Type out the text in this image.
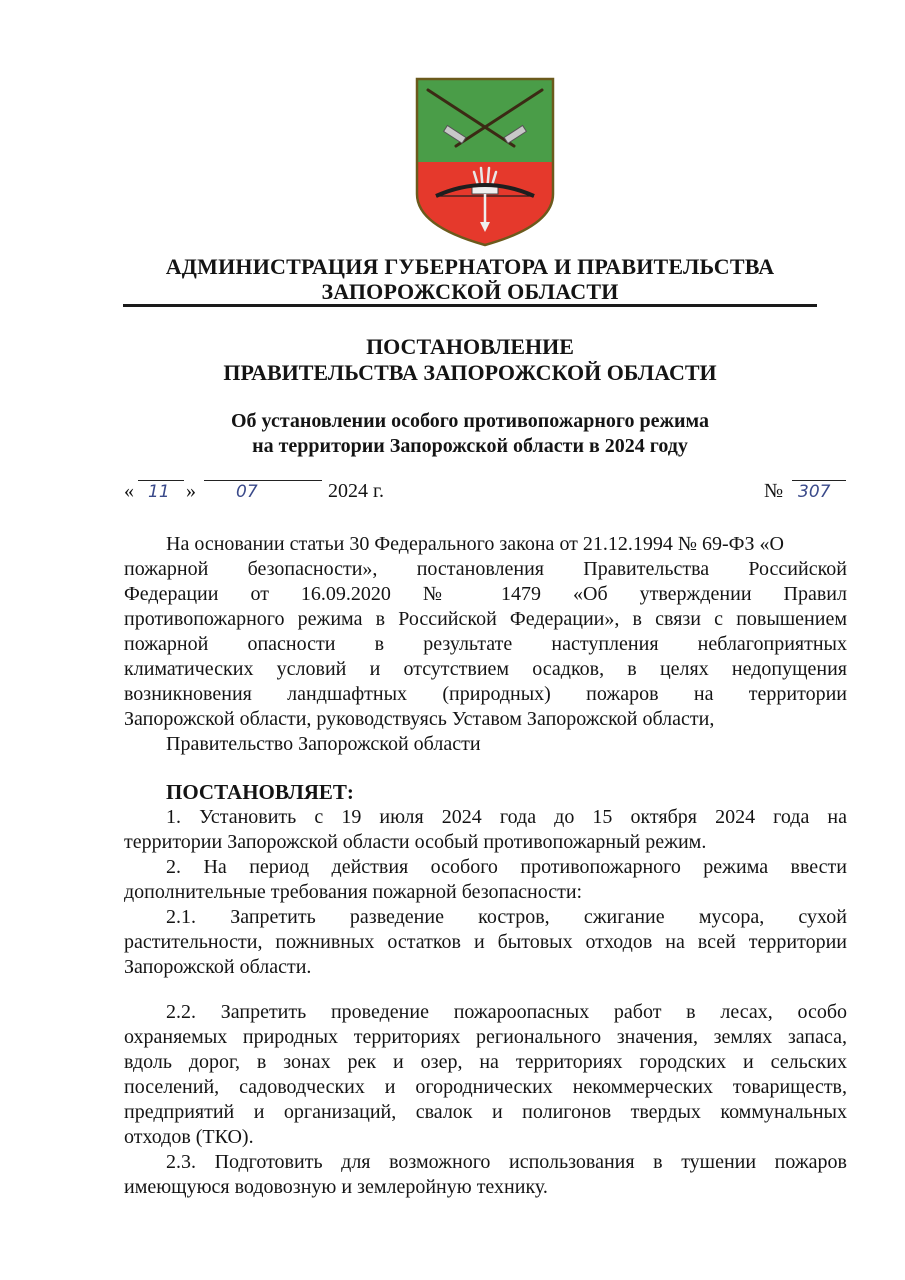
АДМИНИСТРАЦИЯ ГУБЕРНАТОРА И ПРАВИТЕЛЬСТВА
ЗАПОРОЖСКОЙ ОБЛАСТИ
ПОСТАНОВЛЕНИЕ
ПРАВИТЕЛЬСТВА ЗАПОРОЖСКОЙ ОБЛАСТИ
Об установлении особого противопожарного режима
на территории Запорожской области в 2024 году
« 11 » 07	2024 г.	№ 307
На основании статьи 30 Федерального закона от 21.12.1994 № 69-ФЗ «О
пожарной безопасности», постановления Правительства Российской
Федерации от 16.09.2020 № 1479 «Об утверждении Правил
противопожарного режима в Российской Федерации», в связи с повышением
пожарной опасности в результате наступления неблагоприятных
климатических условий и отсутствием осадков, в целях недопущения
возникновения ландшафтных (природных) пожаров на территории
Запорожской области, руководствуясь Уставом Запорожской области,
Правительство Запорожской области
ПОСТАНОВЛЯЕТ:
1. Установить с 19 июля 2024 года до 15 октября 2024 года на
территории Запорожской области особый противопожарный режим.
2. На период действия особого противопожарного режима ввести
дополнительные требования пожарной безопасности:
2.1. Запретить разведение костров, сжигание мусора, сухой
растительности, пожнивных остатков и бытовых отходов на всей территории
Запорожской области.
2.2. Запретить проведение пожароопасных работ в лесах, особо
охраняемых природных территориях регионального значения, землях запаса,
вдоль дорог, в зонах рек и озер, на территориях городских и сельских
поселений, садоводческих и огороднических некоммерческих товариществ,
предприятий и организаций, свалок и полигонов твердых коммунальных
отходов (ТКО).
2.3. Подготовить для возможного использования в тушении пожаров
имеющуюся водовозную и землеройную технику.
